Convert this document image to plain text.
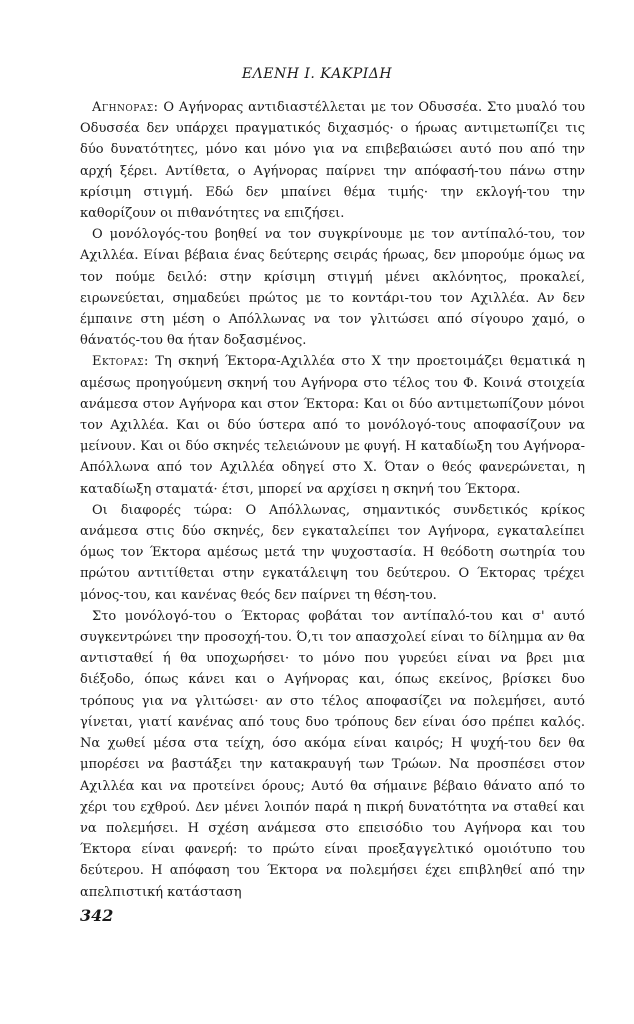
ΕΛΕΝΗ Ι. ΚΑΚΡΙΔΗ

Αγηνορας: Ο Αγήνορας αντιδιαστέλλεται με τον Οδυσσέα. Στο μυαλό του Οδυσσέα δεν υπάρχει πραγματικός διχασμός· ο ήρωας αντιμετωπίζει τις δύο δυνατότητες, μόνο και μόνο για να επιβεβαιώσει αυτό που από την αρχή ξέρει. Αντίθετα, ο Αγήνορας παίρνει την απόφασή-του πάνω στην κρίσιμη στιγμή. Εδώ δεν μπαίνει θέμα τιμής· την εκλογή-του την καθορίζουν οι πιθανότητες να επιζήσει.

Ο μονόλογός-του βοηθεί να τον συγκρίνουμε με τον αντίπαλό-του, τον Αχιλλέα. Είναι βέβαια ένας δεύτερης σειράς ήρωας, δεν μπορούμε όμως να τον πούμε δειλό: στην κρίσιμη στιγμή μένει ακλόνητος, προκαλεί, ειρωνεύεται, σημαδεύει πρώτος με το κοντάρι-του τον Αχιλλέα. Αν δεν έμπαινε στη μέση ο Απόλλωνας να τον γλιτώσει από σίγουρο χαμό, ο θάνατός-του θα ήταν δοξασμένος.

Εκτορας: Τη σκηνή Έκτορα-Αχιλλέα στο Χ την προετοιμάζει θεματικά η αμέσως προηγούμενη σκηνή του Αγήνορα στο τέλος του Φ. Κοινά στοιχεία ανάμεσα στον Αγήνορα και στον Έκτορα: Και οι δύο αντιμετωπίζουν μόνοι τον Αχιλλέα. Και οι δύο ύστερα από το μονόλογό-τους αποφασίζουν να μείνουν. Και οι δύο σκηνές τελειώνουν με φυγή. Η καταδίωξη του Αγήνορα-Απόλλωνα από τον Αχιλλέα οδηγεί στο Χ. Όταν ο θεός φανερώνεται, η καταδίωξη σταματά· έτσι, μπορεί να αρχίσει η σκηνή του Έκτορα.

Οι διαφορές τώρα: Ο Απόλλωνας, σημαντικός συνδετικός κρίκος ανάμεσα στις δύο σκηνές, δεν εγκαταλείπει τον Αγήνορα, εγκαταλείπει όμως τον Έκτορα αμέσως μετά την ψυχοστασία. Η θεόδοτη σωτηρία του πρώτου αντιτίθεται στην εγκατάλειψη του δεύτερου. Ο Έκτορας τρέχει μόνος-του, και κανένας θεός δεν παίρνει τη θέση-του.

Στο μονόλογό-του ο Έκτορας φοβάται τον αντίπαλό-του και σ' αυτό συγκεντρώνει την προσοχή-του. Ό,τι τον απασχολεί είναι το δίλημμα αν θα αντισταθεί ή θα υποχωρήσει· το μόνο που γυρεύει είναι να βρει μια διέξοδο, όπως κάνει και ο Αγήνορας και, όπως εκείνος, βρίσκει δυο τρόπους για να γλιτώσει· αν στο τέλος αποφασίζει να πολεμήσει, αυτό γίνεται, γιατί κανένας από τους δυο τρόπους δεν είναι όσο πρέπει καλός. Να χωθεί μέσα στα τείχη, όσο ακόμα είναι καιρός; Η ψυχή-του δεν θα μπορέσει να βαστάξει την κατακραυγή των Τρώων. Να προσπέσει στον Αχιλλέα και να προτείνει όρους; Αυτό θα σήμαινε βέβαιο θάνατο από το χέρι του εχθρού. Δεν μένει λοιπόν παρά η πικρή δυνατότητα να σταθεί και να πολεμήσει. Η σχέση ανάμεσα στο επεισόδιο του Αγήνορα και του Έκτορα είναι φανερή: το πρώτο είναι προεξαγγελτικό ομοιότυπο του δεύτερου. Η απόφαση του Έκτορα να πολεμήσει έχει επιβληθεί από την απελπιστική κατάσταση

342
